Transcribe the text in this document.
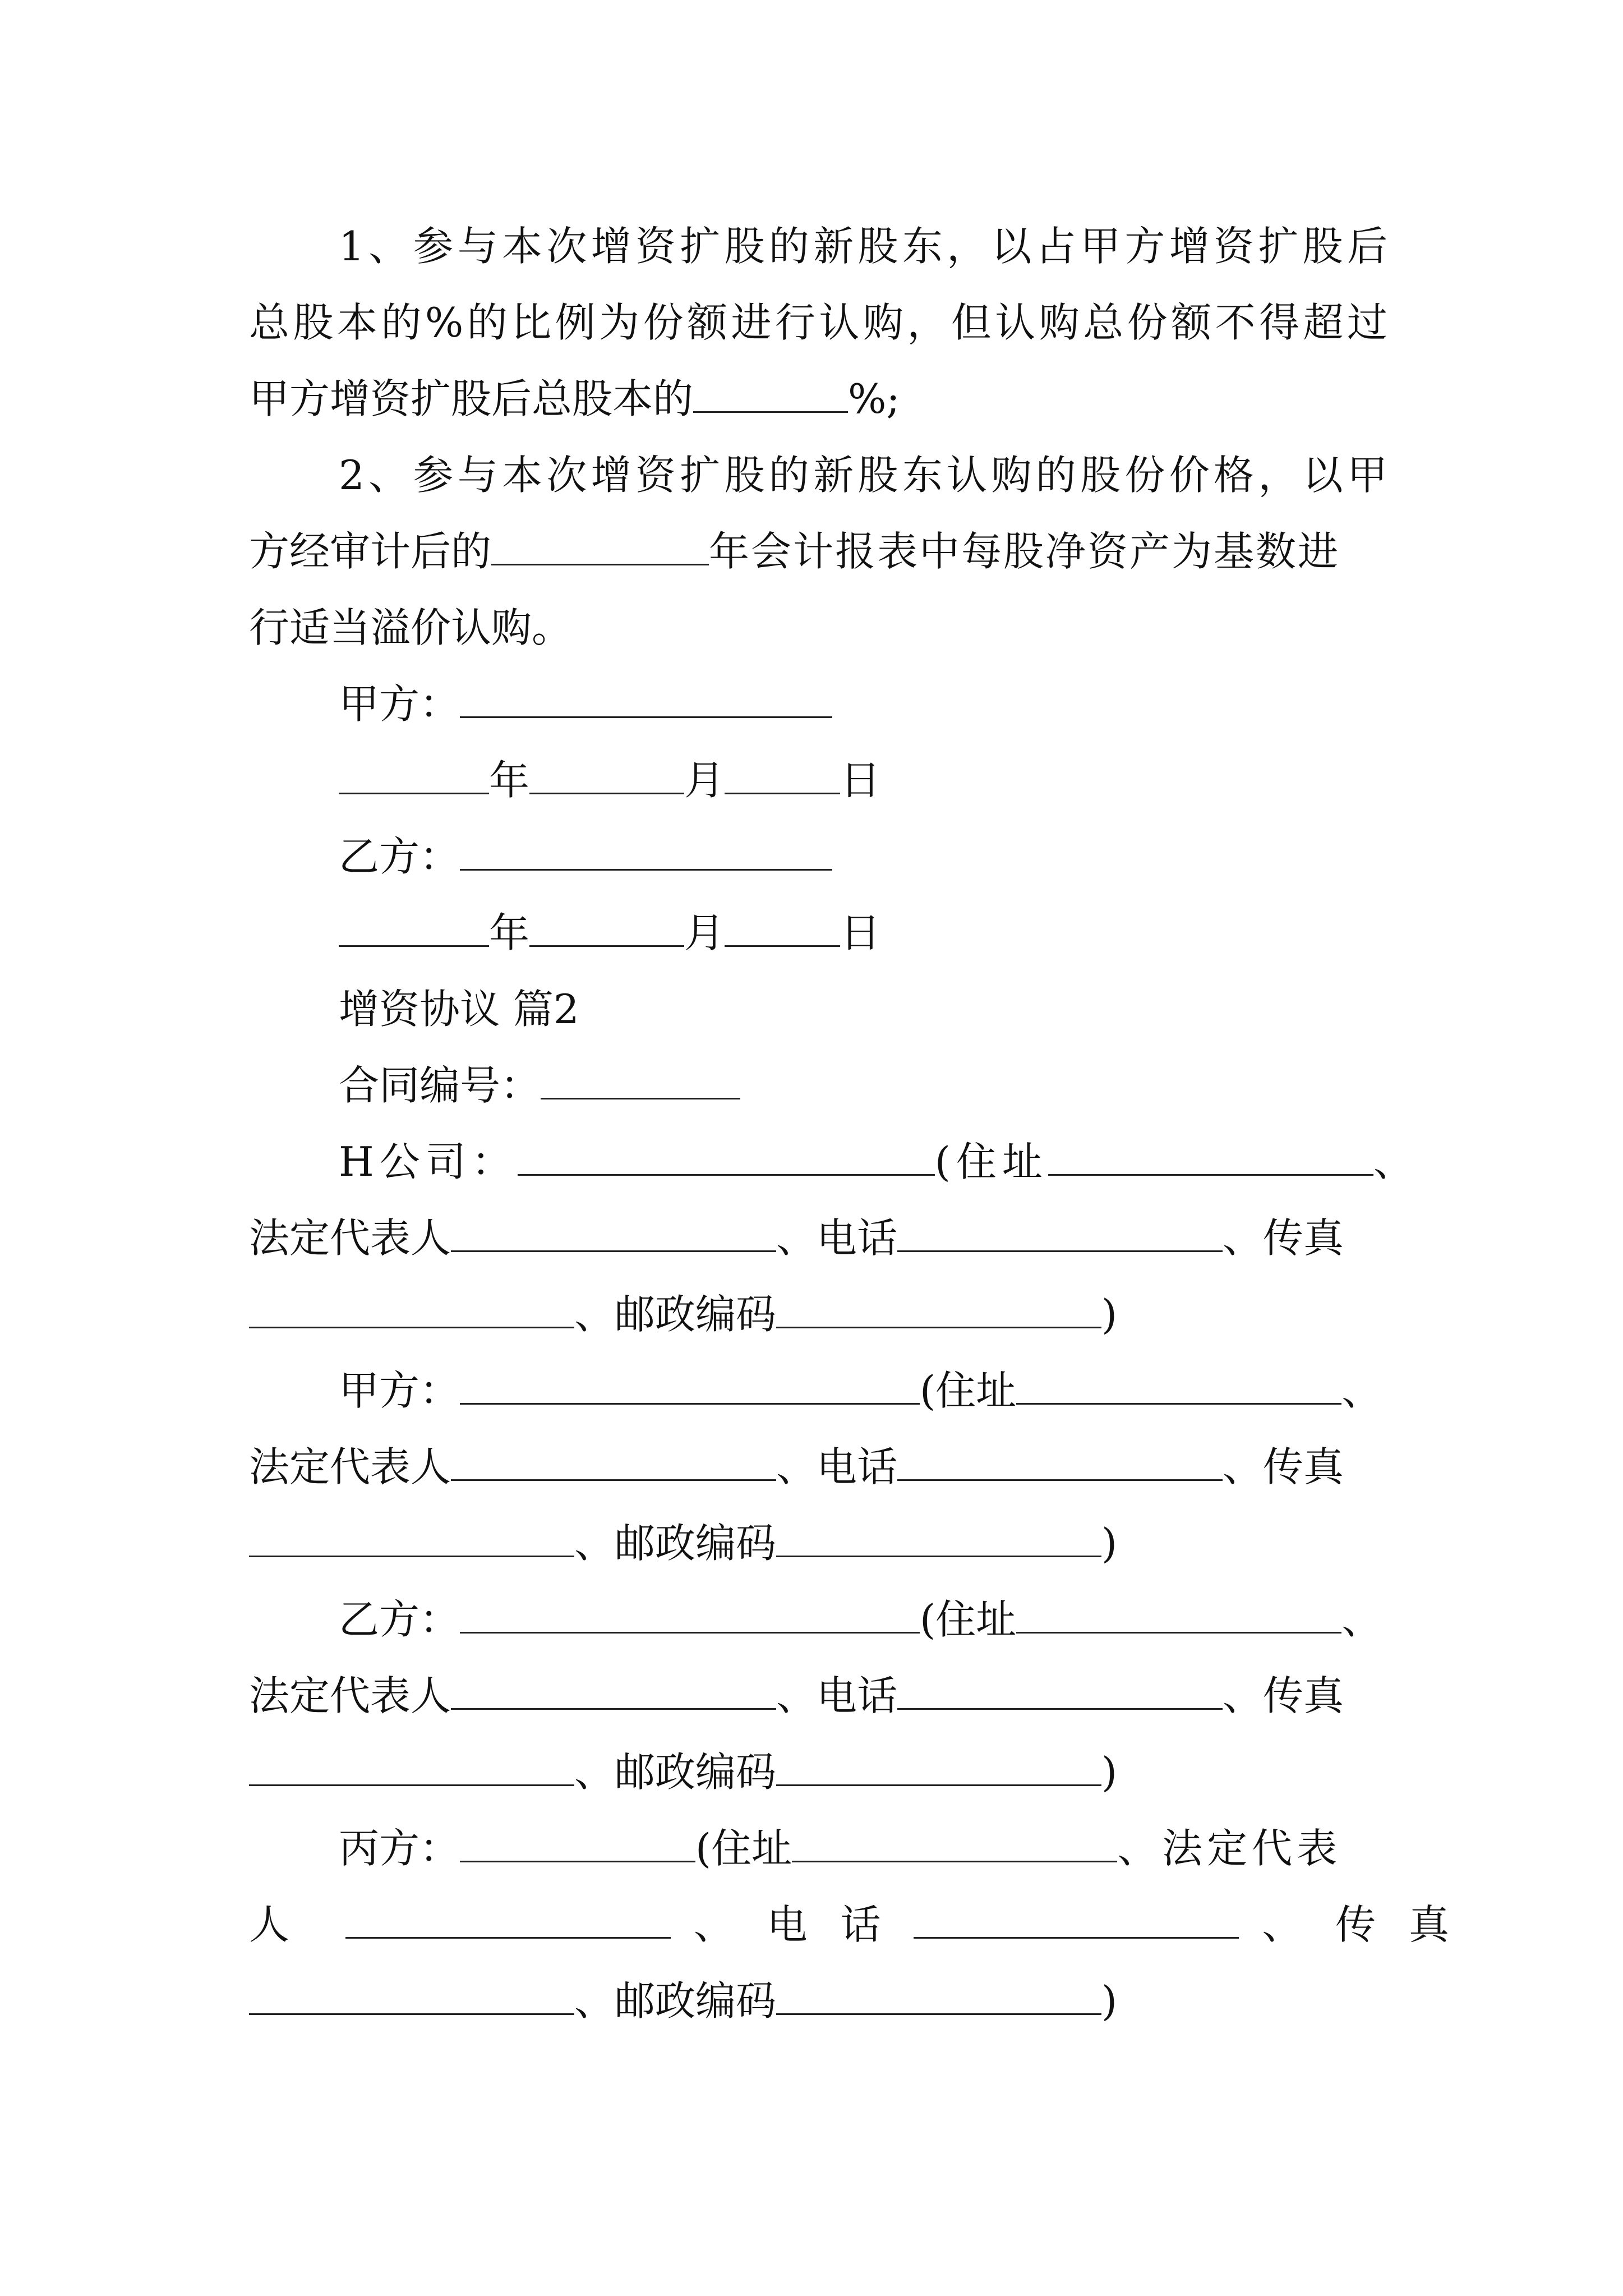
1、参与本次增资扩股的新股东，以占甲方增资扩股后
总股本的%的比例为份额进行认购，但认购总份额不得超过
甲方增资扩股后总股本的	%;
2、参与本次增资扩股的新股东认购的股份价格，以甲
方经审计后的	年会计报表中每股净资产为基数进
行适当溢价认购。
甲方：
年	月	日
乙方：
年	月	日
增资协议 篇2
合同编号：
H公司：	(住址	、
法定代表人	、电话	、传真
、邮政编码	)
甲方：	(住址	、
法定代表人	、电话	、传真
、邮政编码	)
乙方：	(住址	、
法定代表人	、电话	、传真
、邮政编码	)
丙方：	(住址	、法定代表
人	、 电 话	、 传 真
、邮政编码	)
